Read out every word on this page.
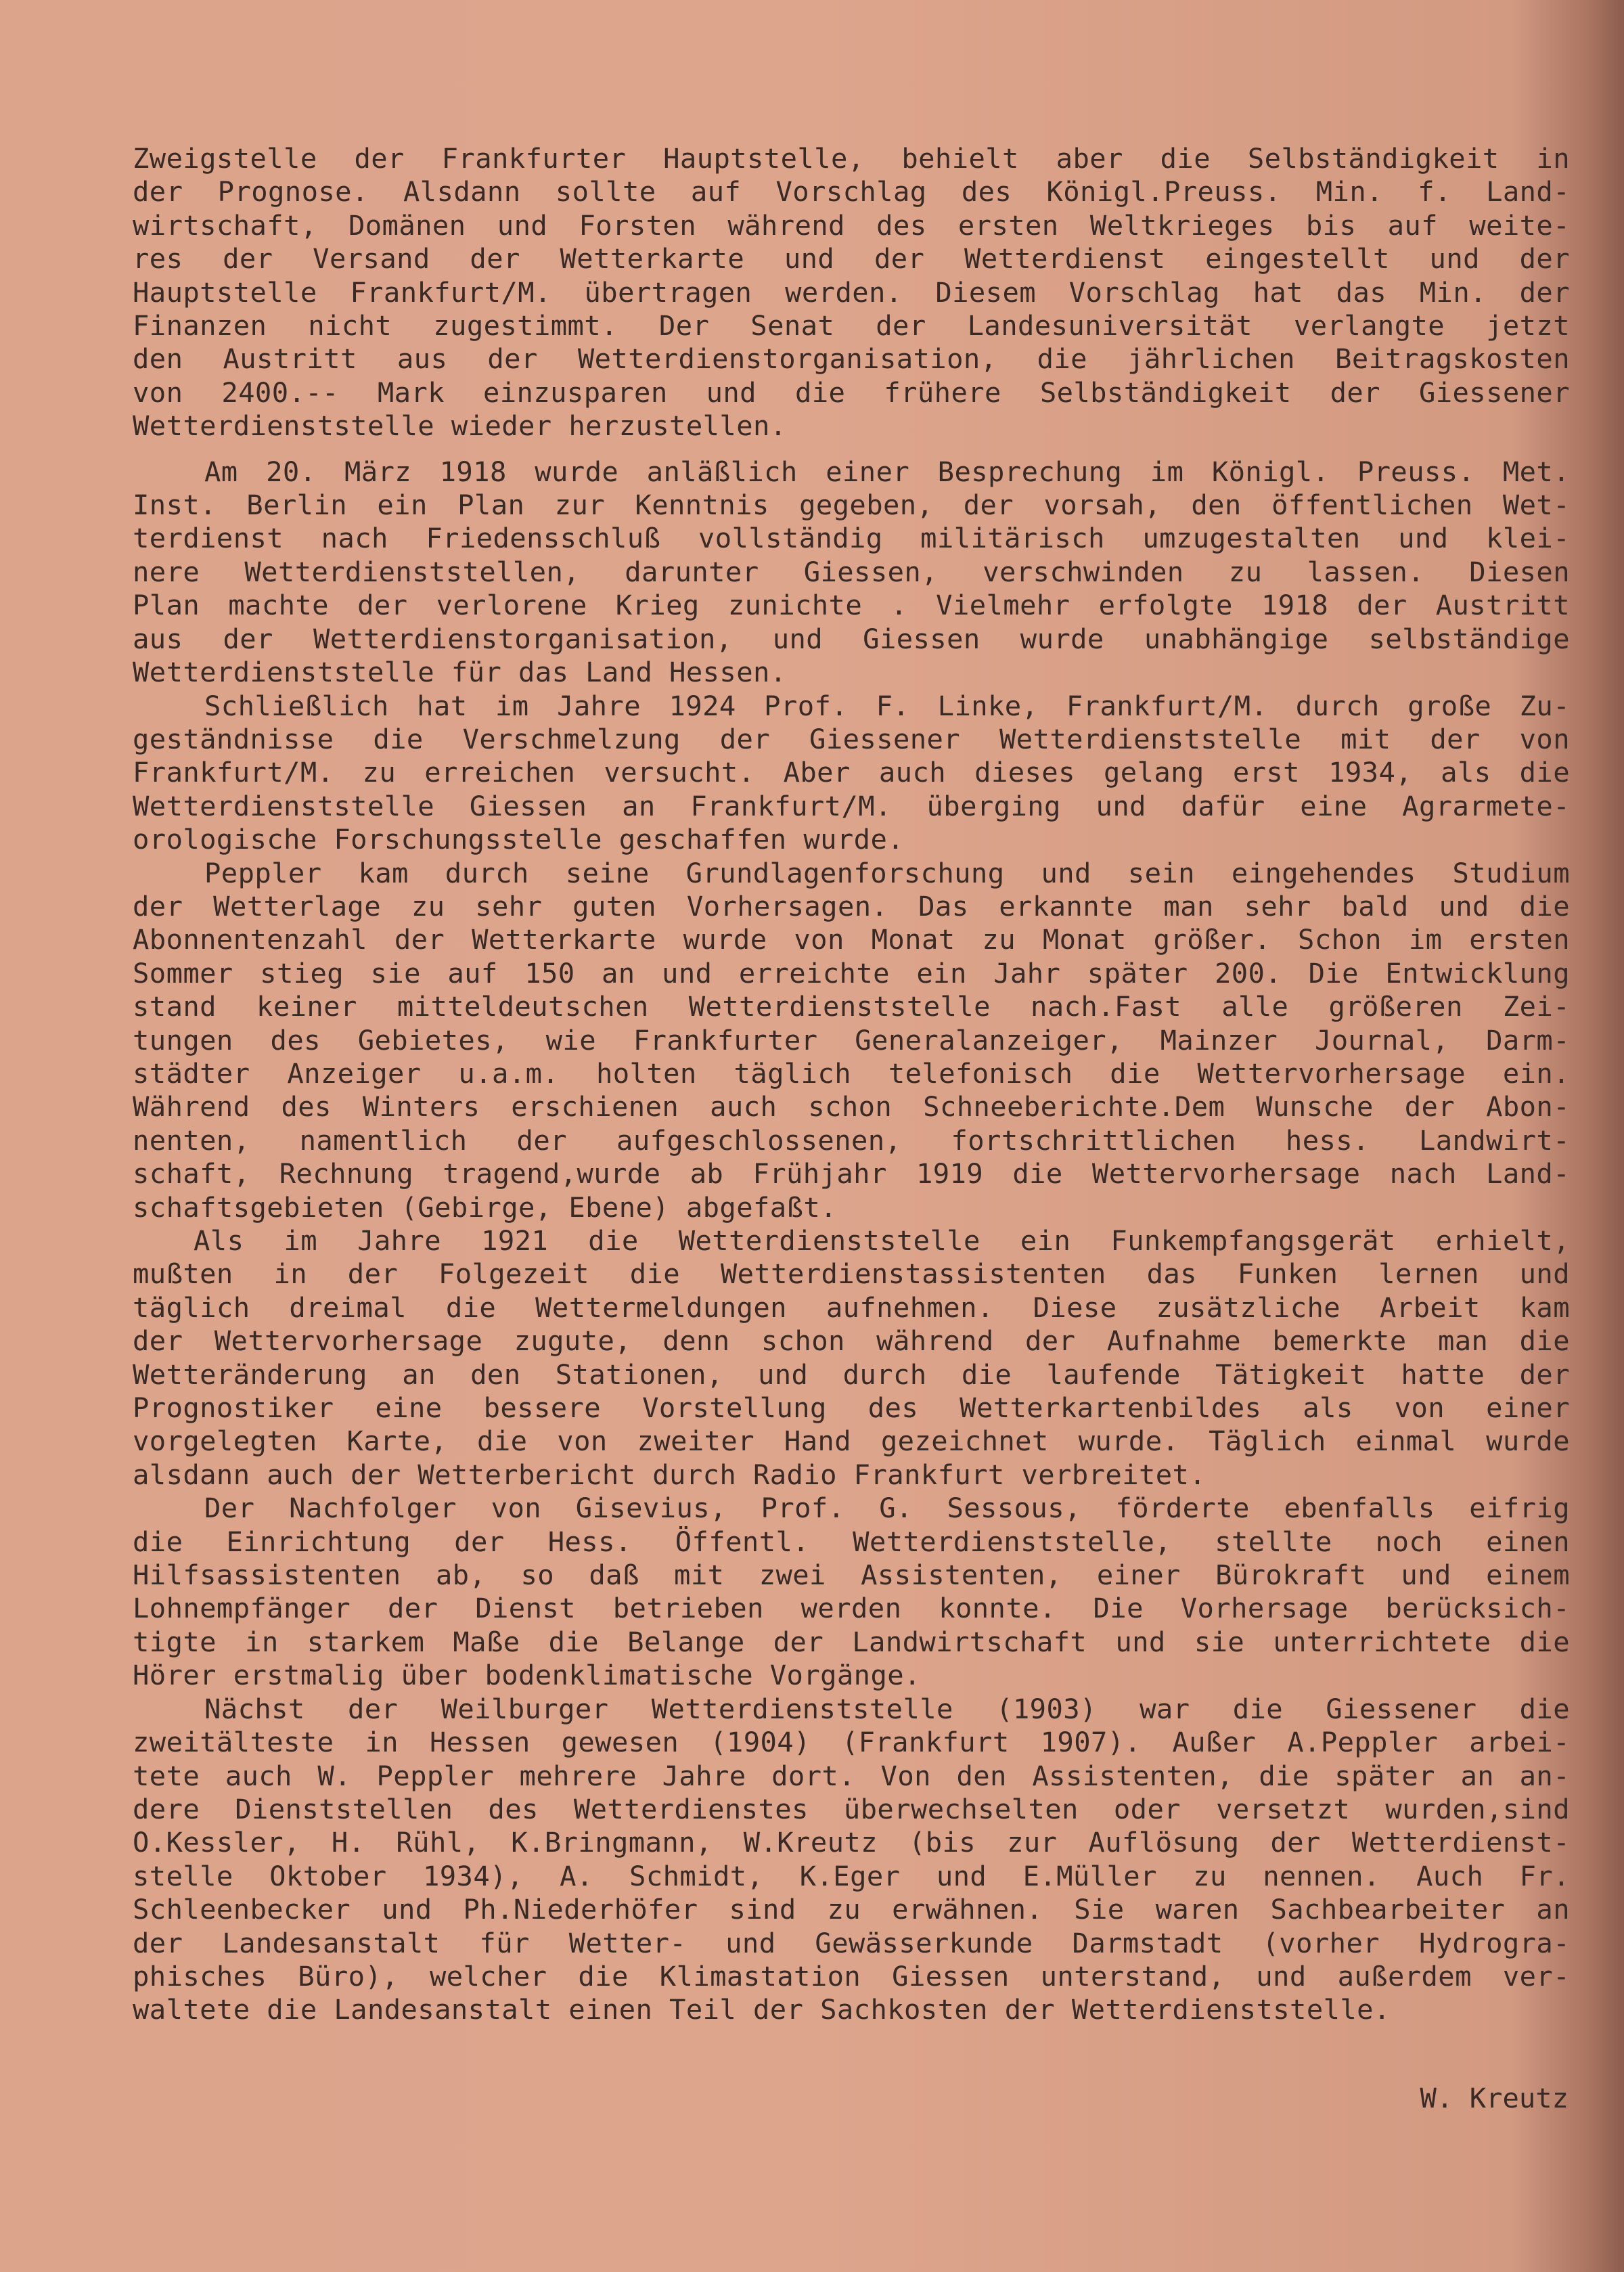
Zweigstelle der Frankfurter Hauptstelle, behielt aber die Selbständigkeit in
der Prognose. Alsdann sollte auf Vorschlag des Königl.Preuss. Min. f. Land-
wirtschaft, Domänen und Forsten während des ersten Weltkrieges bis auf weite-
res der Versand der Wetterkarte und der Wetterdienst eingestellt und der
Hauptstelle Frankfurt/M. übertragen werden. Diesem Vorschlag hat das Min. der
Finanzen nicht zugestimmt. Der Senat der Landesuniversität verlangte jetzt
den Austritt aus der Wetterdienstorganisation, die jährlichen Beitragskosten
von 2400.-- Mark einzusparen und die frühere Selbständigkeit der Giessener
Wetterdienststelle wieder herzustellen.
Am 20. März 1918 wurde anläßlich einer Besprechung im Königl. Preuss. Met.
Inst. Berlin ein Plan zur Kenntnis gegeben, der vorsah, den öffentlichen Wet-
terdienst nach Friedensschluß vollständig militärisch umzugestalten und klei-
nere Wetterdienststellen, darunter Giessen, verschwinden zu lassen. Diesen
Plan machte der verlorene Krieg zunichte . Vielmehr erfolgte 1918 der Austritt
aus der Wetterdienstorganisation, und Giessen wurde unabhängige selbständige
Wetterdienststelle für das Land Hessen.
Schließlich hat im Jahre 1924 Prof. F. Linke, Frankfurt/M. durch große Zu-
geständnisse die Verschmelzung der Giessener Wetterdienststelle mit der von
Frankfurt/M. zu erreichen versucht. Aber auch dieses gelang erst 1934, als die
Wetterdienststelle Giessen an Frankfurt/M. überging und dafür eine Agrarmete-
orologische Forschungsstelle geschaffen wurde.
Peppler kam durch seine Grundlagenforschung und sein eingehendes Studium
der Wetterlage zu sehr guten Vorhersagen. Das erkannte man sehr bald und die
Abonnentenzahl der Wetterkarte wurde von Monat zu Monat größer. Schon im ersten
Sommer stieg sie auf 150 an und erreichte ein Jahr später 200. Die Entwicklung
stand keiner mitteldeutschen Wetterdienststelle nach.Fast alle größeren Zei-
tungen des Gebietes, wie Frankfurter Generalanzeiger, Mainzer Journal, Darm-
städter Anzeiger u.a.m. holten täglich telefonisch die Wettervorhersage ein.
Während des Winters erschienen auch schon Schneeberichte.Dem Wunsche der Abon-
nenten, namentlich der aufgeschlossenen, fortschrittlichen hess. Landwirt-
schaft, Rechnung tragend,wurde ab Frühjahr 1919 die Wettervorhersage nach Land-
schaftsgebieten (Gebirge, Ebene) abgefaßt.
Als im Jahre 1921 die Wetterdienststelle ein Funkempfangsgerät erhielt,
mußten in der Folgezeit die Wetterdienstassistenten das Funken lernen und
täglich dreimal die Wettermeldungen aufnehmen. Diese zusätzliche Arbeit kam
der Wettervorhersage zugute, denn schon während der Aufnahme bemerkte man die
Wetteränderung an den Stationen, und durch die laufende Tätigkeit hatte der
Prognostiker eine bessere Vorstellung des Wetterkartenbildes als von einer
vorgelegten Karte, die von zweiter Hand gezeichnet wurde. Täglich einmal wurde
alsdann auch der Wetterbericht durch Radio Frankfurt verbreitet.
Der Nachfolger von Gisevius, Prof. G. Sessous, förderte ebenfalls eifrig
die Einrichtung der Hess. Öffentl. Wetterdienststelle, stellte noch einen
Hilfsassistenten ab, so daß mit zwei Assistenten, einer Bürokraft und einem
Lohnempfänger der Dienst betrieben werden konnte. Die Vorhersage berücksich-
tigte in starkem Maße die Belange der Landwirtschaft und sie unterrichtete die
Hörer erstmalig über bodenklimatische Vorgänge.
Nächst der Weilburger Wetterdienststelle (1903) war die Giessener die
zweitälteste in Hessen gewesen (1904) (Frankfurt 1907). Außer A.Peppler arbei-
tete auch W. Peppler mehrere Jahre dort. Von den Assistenten, die später an an-
dere Dienststellen des Wetterdienstes überwechselten oder versetzt wurden,sind
O.Kessler, H. Rühl, K.Bringmann, W.Kreutz (bis zur Auflösung der Wetterdienst-
stelle Oktober 1934), A. Schmidt, K.Eger und E.Müller zu nennen. Auch Fr.
Schleenbecker und Ph.Niederhöfer sind zu erwähnen. Sie waren Sachbearbeiter an
der Landesanstalt für Wetter- und Gewässerkunde Darmstadt (vorher Hydrogra-
phisches Büro), welcher die Klimastation Giessen unterstand, und außerdem ver-
waltete die Landesanstalt einen Teil der Sachkosten der Wetterdienststelle.
W. Kreutz
